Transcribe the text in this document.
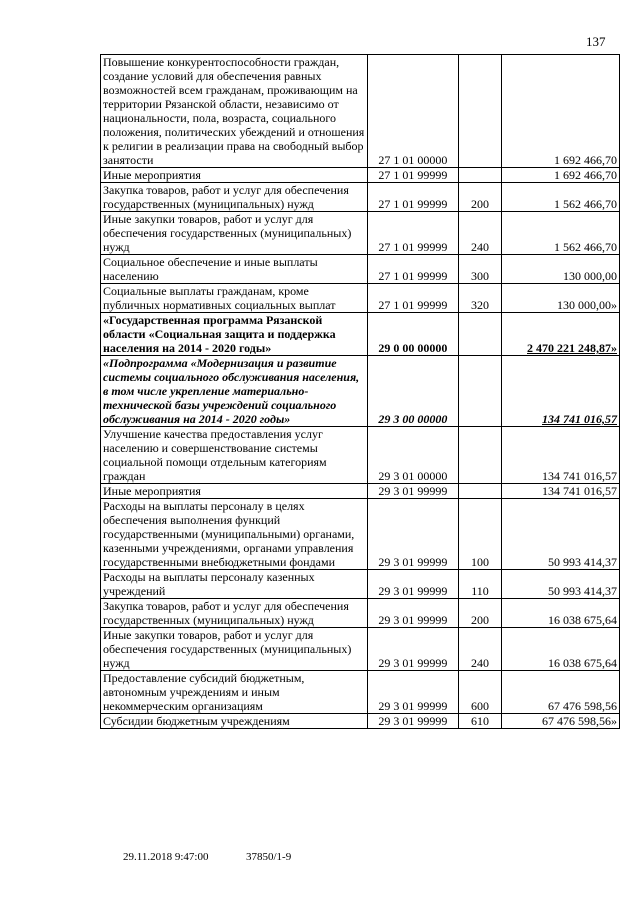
137
Повышение конкурентоспособности граждан, создание условий для обеспечения равных возможностей всем гражданам, проживающим на территории Рязанской области, независимо от национальности, пола, возраста, социального положения, политических убеждений и отношения к религии в реализации права на свободный выбор занятости	27 1 01 00000		1 692 466,70
Иные мероприятия	27 1 01 99999		1 692 466,70
Закупка товаров, работ и услуг для обеспечения государственных (муниципальных) нужд	27 1 01 99999	200	1 562 466,70
Иные закупки товаров, работ и услуг для обеспечения государственных (муниципальных) нужд	27 1 01 99999	240	1 562 466,70
Социальное обеспечение и иные выплаты населению	27 1 01 99999	300	130 000,00
Социальные выплаты гражданам, кроме публичных нормативных социальных выплат	27 1 01 99999	320	130 000,00»
«Государственная программа Рязанской области «Социальная защита и поддержка населения на 2014 - 2020 годы»	29 0 00 00000		2 470 221 248,87»
«Подпрограмма «Модернизация и развитие системы социального обслуживания населения, в том числе укрепление материально-технической базы учреждений социального обслуживания на 2014 - 2020 годы»	29 3 00 00000		134 741 016,57
Улучшение качества предоставления услуг населению и совершенствование системы социальной помощи отдельным категориям граждан	29 3 01 00000		134 741 016,57
Иные мероприятия	29 3 01 99999		134 741 016,57
Расходы на выплаты персоналу в целях обеспечения выполнения функций государственными (муниципальными) органами, казенными учреждениями, органами управления государственными внебюджетными фондами	29 3 01 99999	100	50 993 414,37
Расходы на выплаты персоналу казенных учреждений	29 3 01 99999	110	50 993 414,37
Закупка товаров, работ и услуг для обеспечения государственных (муниципальных) нужд	29 3 01 99999	200	16 038 675,64
Иные закупки товаров, работ и услуг для обеспечения государственных (муниципальных) нужд	29 3 01 99999	240	16 038 675,64
Предоставление субсидий бюджетным, автономным учреждениям и иным некоммерческим организациям	29 3 01 99999	600	67 476 598,56
Субсидии бюджетным учреждениям	29 3 01 99999	610	67 476 598,56»
29.11.2018 9:47:00	37850/1-9
